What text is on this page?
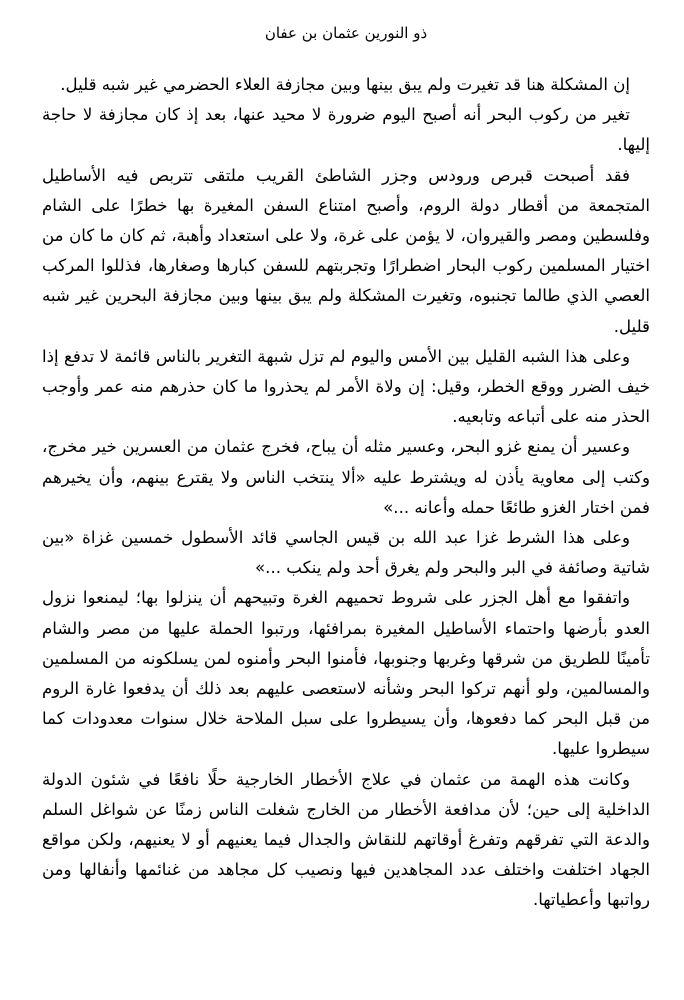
ذو النورين عثمان بن عفان

إن المشكلة هنا قد تغيرت ولم يبق بينها وبين مجازفة العلاء الحضرمي غير شبه قليل.

تغير من ركوب البحر أنه أصبح اليوم ضرورة لا محيد عنها، بعد إذ كان مجازفة لا حاجة إليها.

فقد أصبحت قبرص ورودس وجزر الشاطئ القريب ملتقى تتربص فيه الأساطيل المتجمعة من أقطار دولة الروم، وأصبح امتناع السفن المغيرة بها خطرًا على الشام وفلسطين ومصر والقيروان، لا يؤمن على غرة، ولا على استعداد وأهبة، ثم كان ما كان من اختيار المسلمين ركوب البحار اضطرارًا وتجربتهم للسفن كبارها وصغارها، فذللوا المركب العصي الذي طالما تجنبوه، وتغيرت المشكلة ولم يبق بينها وبين مجازفة البحرين غير شبه قليل.

وعلى هذا الشبه القليل بين الأمس واليوم لم تزل شبهة التغرير بالناس قائمة لا تدفع إذا خيف الضرر ووقع الخطر، وقيل: إن ولاة الأمر لم يحذروا ما كان حذرهم منه عمر وأوجب الحذر منه على أتباعه وتابعيه.

وعسير أن يمنع غزو البحر، وعسير مثله أن يباح، فخرج عثمان من العسرين خير مخرج، وكتب إلى معاوية يأذن له ويشترط عليه «ألا ينتخب الناس ولا يقترع بينهم، وأن يخيرهم فمن اختار الغزو طائعًا حمله وأعانه ...»

وعلى هذا الشرط غزا عبد الله بن قيس الجاسي قائد الأسطول خمسين غزاة «بين شاتية وصائفة في البر والبحر ولم يغرق أحد ولم ينكب ...»

واتفقوا مع أهل الجزر على شروط تحميهم الغرة وتبيحهم أن ينزلوا بها؛ ليمنعوا نزول العدو بأرضها واحتماء الأساطيل المغيرة بمرافئها، ورتبوا الحملة عليها من مصر والشام تأمينًا للطريق من شرقها وغربها وجنوبها، فأمنوا البحر وأمنوه لمن يسلكونه من المسلمين والمسالمين، ولو أنهم تركوا البحر وشأنه لاستعصى عليهم بعد ذلك أن يدفعوا غارة الروم من قبل البحر كما دفعوها، وأن يسيطروا على سبل الملاحة خلال سنوات معدودات كما سيطروا عليها.

وكانت هذه الهمة من عثمان في علاج الأخطار الخارجية حلًا نافعًا في شئون الدولة الداخلية إلى حين؛ لأن مدافعة الأخطار من الخارج شغلت الناس زمنًا عن شواغل السلم والدعة التي تفرقهم وتفرغ أوقاتهم للنقاش والجدال فيما يعنيهم أو لا يعنيهم، ولكن مواقع الجهاد اختلفت واختلف عدد المجاهدين فيها ونصيب كل مجاهد من غنائمها وأنفالها ومن رواتبها وأعطياتها.
